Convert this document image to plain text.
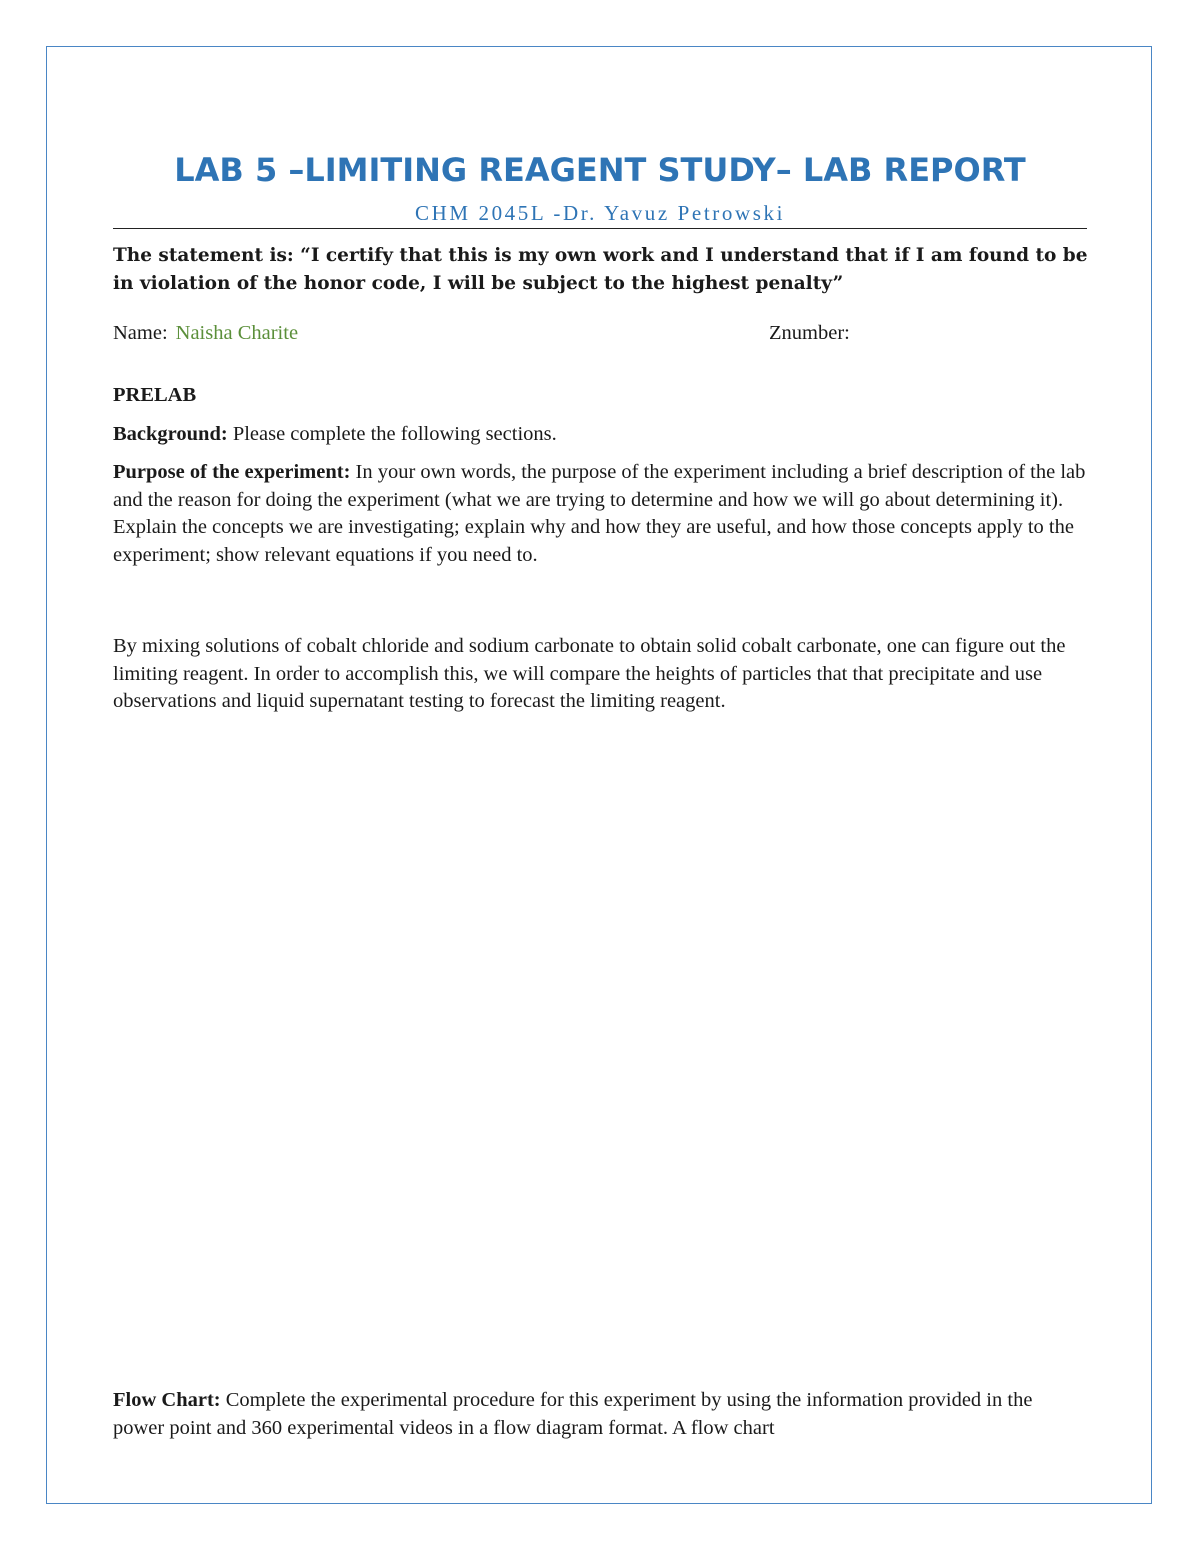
LAB 5 –LIMITING REAGENT STUDY– LAB REPORT
CHM 2045L -Dr. Yavuz Petrowski
The statement is: “I certify that this is my own work and I understand that if I am found to be in violation of the honor code, I will be subject to the highest penalty”
Name: Naisha Charite	Znumber:
PRELAB
Background: Please complete the following sections.
Purpose of the experiment: In your own words, the purpose of the experiment including a brief description of the lab and the reason for doing the experiment (what we are trying to determine and how we will go about determining it). Explain the concepts we are investigating; explain why and how they are useful, and how those concepts apply to the experiment; show relevant equations if you need to.
By mixing solutions of cobalt chloride and sodium carbonate to obtain solid cobalt carbonate, one can figure out the limiting reagent. In order to accomplish this, we will compare the heights of particles that that precipitate and use observations and liquid supernatant testing to forecast the limiting reagent.
Flow Chart: Complete the experimental procedure for this experiment by using the information provided in the power point and 360 experimental videos in a flow diagram format. A flow chart
